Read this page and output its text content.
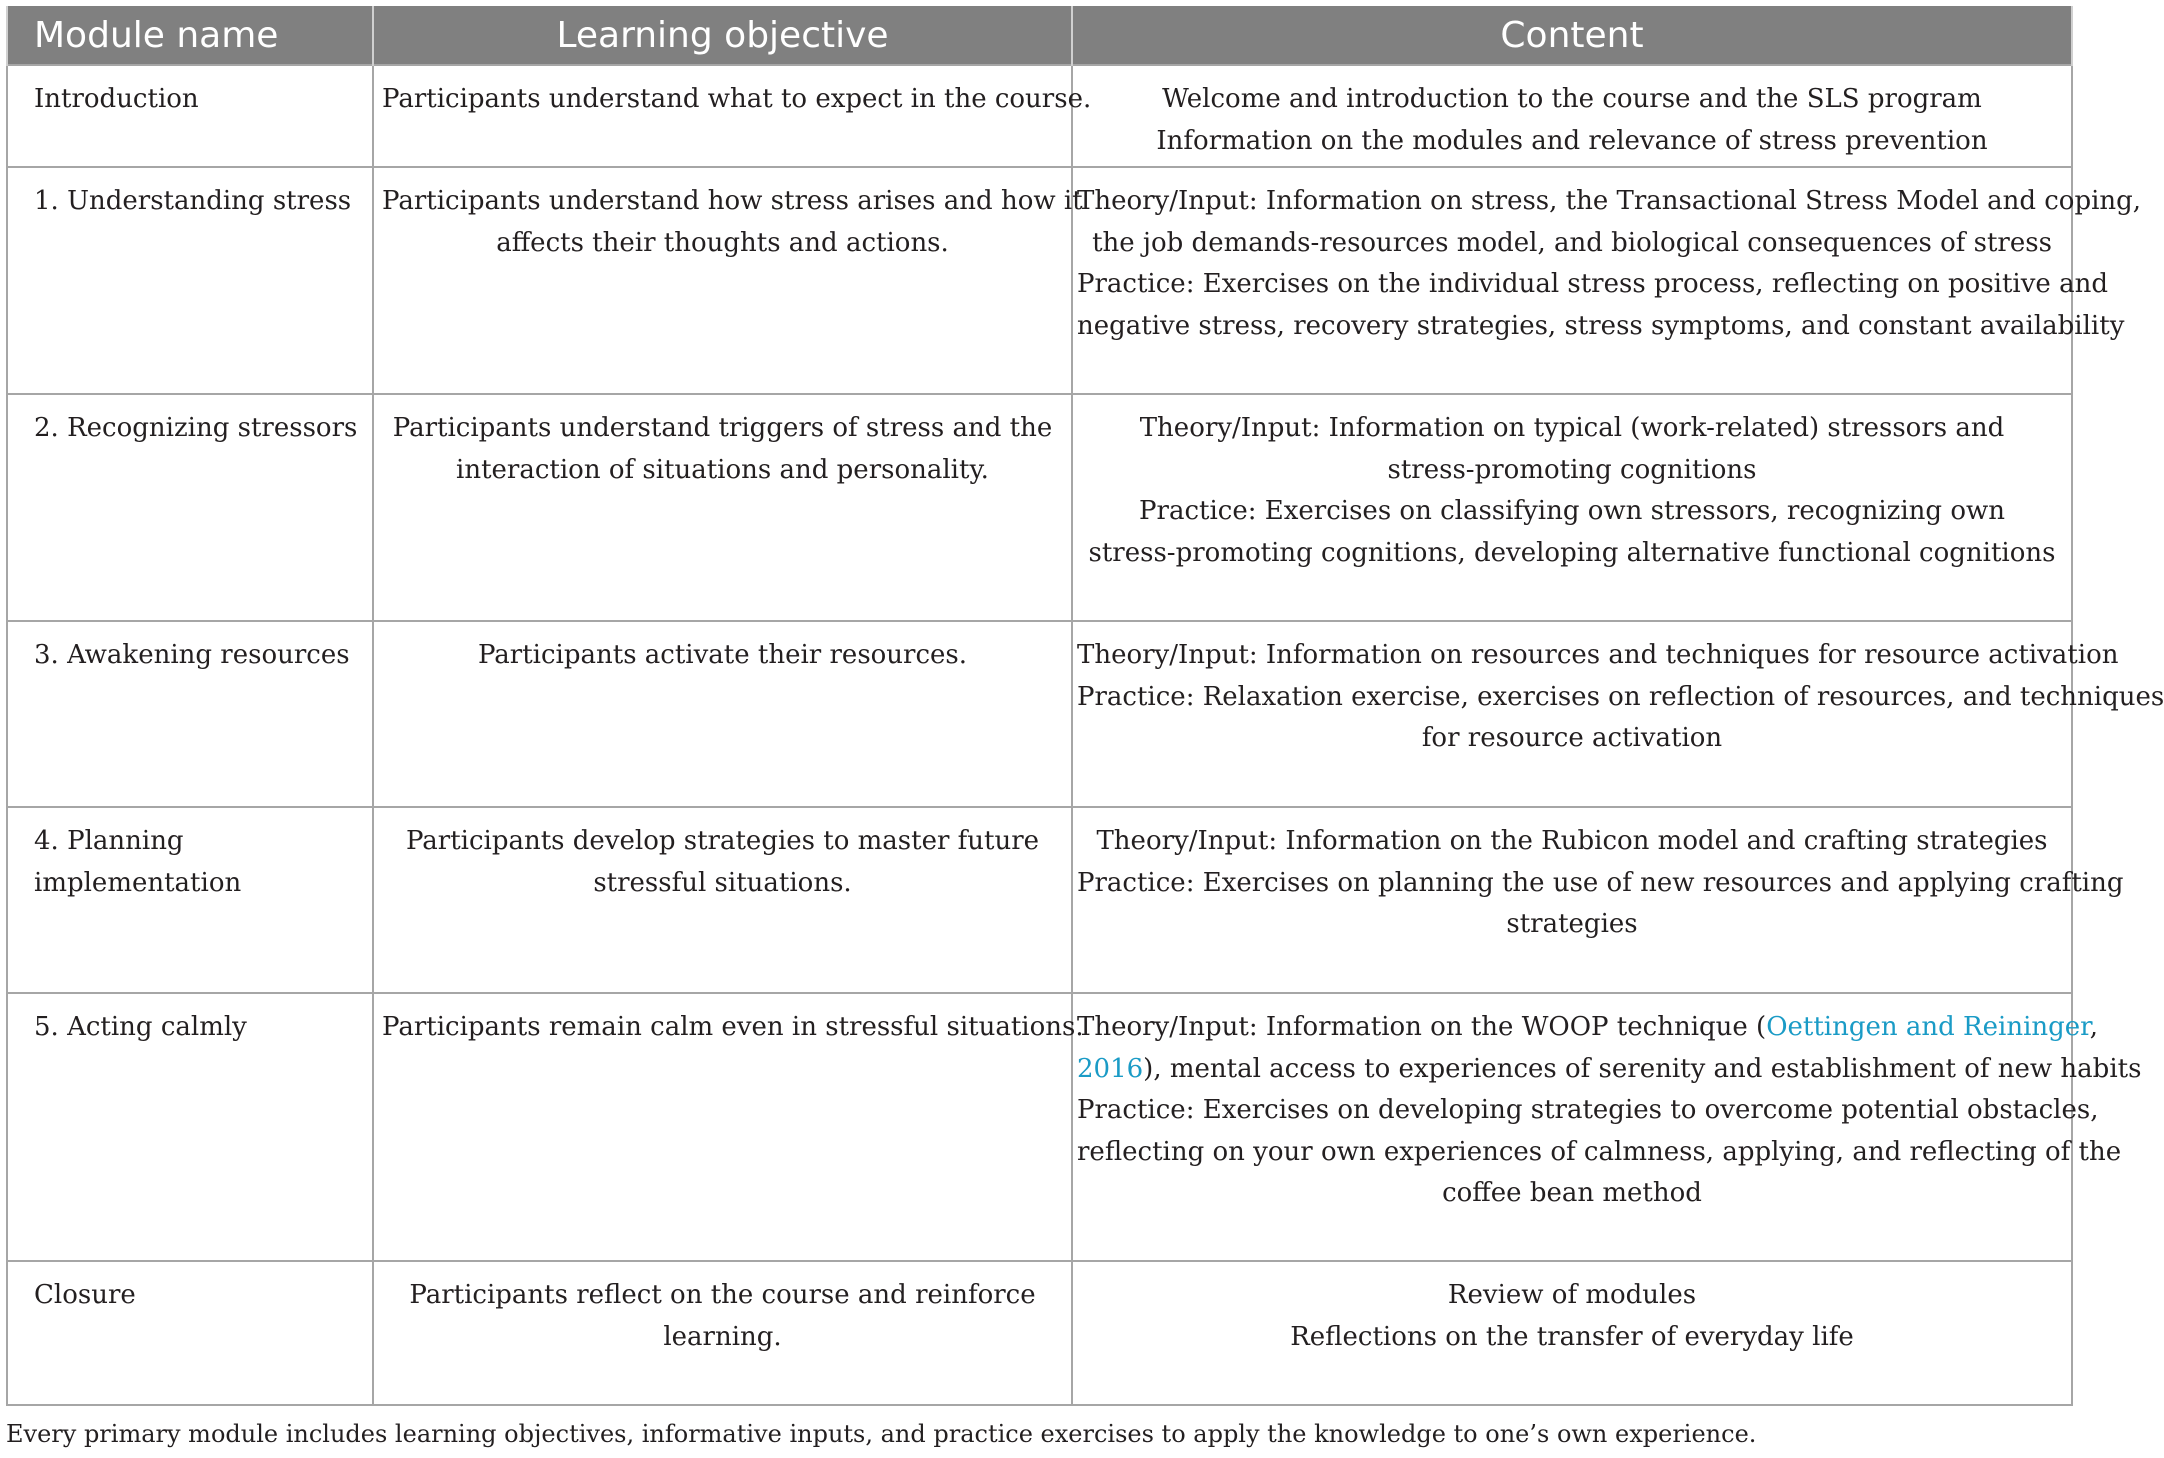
Module name	Learning objective	Content

Introduction	Participants understand what to expect in the course.	Welcome and introduction to the course and the SLS program
Information on the modules and relevance of stress prevention

1. Understanding stress	Participants understand how stress arises and how it
affects their thoughts and actions.	Theory/Input: Information on stress, the Transactional Stress Model and coping,
the job demands-resources model, and biological consequences of stress
Practice: Exercises on the individual stress process, reflecting on positive and
negative stress, recovery strategies, stress symptoms, and constant availability

2. Recognizing stressors	Participants understand triggers of stress and the
interaction of situations and personality.	Theory/Input: Information on typical (work-related) stressors and
stress-promoting cognitions
Practice: Exercises on classifying own stressors, recognizing own
stress-promoting cognitions, developing alternative functional cognitions

3. Awakening resources	Participants activate their resources.	Theory/Input: Information on resources and techniques for resource activation
Practice: Relaxation exercise, exercises on reflection of resources, and techniques
for resource activation

4. Planning
implementation	Participants develop strategies to master future
stressful situations.	Theory/Input: Information on the Rubicon model and crafting strategies
Practice: Exercises on planning the use of new resources and applying crafting
strategies

5. Acting calmly	Participants remain calm even in stressful situations.	Theory/Input: Information on the WOOP technique (Oettingen and Reininger,
2016), mental access to experiences of serenity and establishment of new habits
Practice: Exercises on developing strategies to overcome potential obstacles,
reflecting on your own experiences of calmness, applying, and reflecting of the
coffee bean method

Closure	Participants reflect on the course and reinforce
learning.	Review of modules
Reflections on the transfer of everyday life
Every primary module includes learning objectives, informative inputs, and practice exercises to apply the knowledge to one’s own experience.
